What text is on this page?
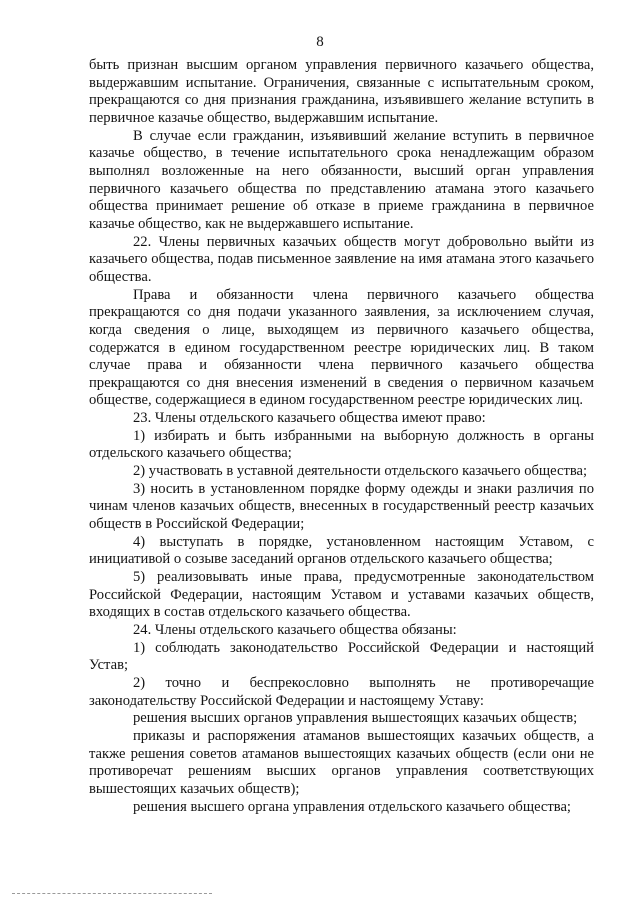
8

быть признан высшим органом управления первичного казачьего общества, выдержавшим испытание. Ограничения, связанные с испытательным сроком, прекращаются со дня признания гражданина, изъявившего желание вступить в первичное казачье общество, выдержавшим испытание.

В случае если гражданин, изъявивший желание вступить в первичное казачье общество, в течение испытательного срока ненадлежащим образом выполнял возложенные на него обязанности, высший орган управления первичного казачьего общества по представлению атамана этого казачьего общества принимает решение об отказе в приеме гражданина в первичное казачье общество, как не выдержавшего испытание.

22. Члены первичных казачьих обществ могут добровольно выйти из казачьего общества, подав письменное заявление на имя атамана этого казачьего общества.

Права и обязанности члена первичного казачьего общества прекращаются со дня подачи указанного заявления, за исключением случая, когда сведения о лице, выходящем из первичного казачьего общества, содержатся в едином государственном реестре юридических лиц. В таком случае права и обязанности члена первичного казачьего общества прекращаются со дня внесения изменений в сведения о первичном казачьем обществе, содержащиеся в едином государственном реестре юридических лиц.

23. Члены отдельского казачьего общества имеют право:

1) избирать и быть избранными на выборную должность в органы отдельского казачьего общества;

2) участвовать в уставной деятельности отдельского казачьего общества;

3) носить в установленном порядке форму одежды и знаки различия по чинам членов казачьих обществ, внесенных в государственный реестр казачьих обществ в Российской Федерации;

4) выступать в порядке, установленном настоящим Уставом, с инициативой о созыве заседаний органов отдельского казачьего общества;

5) реализовывать иные права, предусмотренные законодательством Российской Федерации, настоящим Уставом и уставами казачьих обществ, входящих в состав отдельского казачьего общества.

24. Члены отдельского казачьего общества обязаны:

1) соблюдать законодательство Российской Федерации и настоящий Устав;

2) точно и беспрекословно выполнять не противоречащие законодательству Российской Федерации и настоящему Уставу:

решения высших органов управления вышестоящих казачьих обществ;

приказы и распоряжения атаманов вышестоящих казачьих обществ, а также решения советов атаманов вышестоящих казачьих обществ (если они не противоречат решениям высших органов управления соответствующих вышестоящих казачьих обществ);

решения высшего органа управления отдельского казачьего общества;
